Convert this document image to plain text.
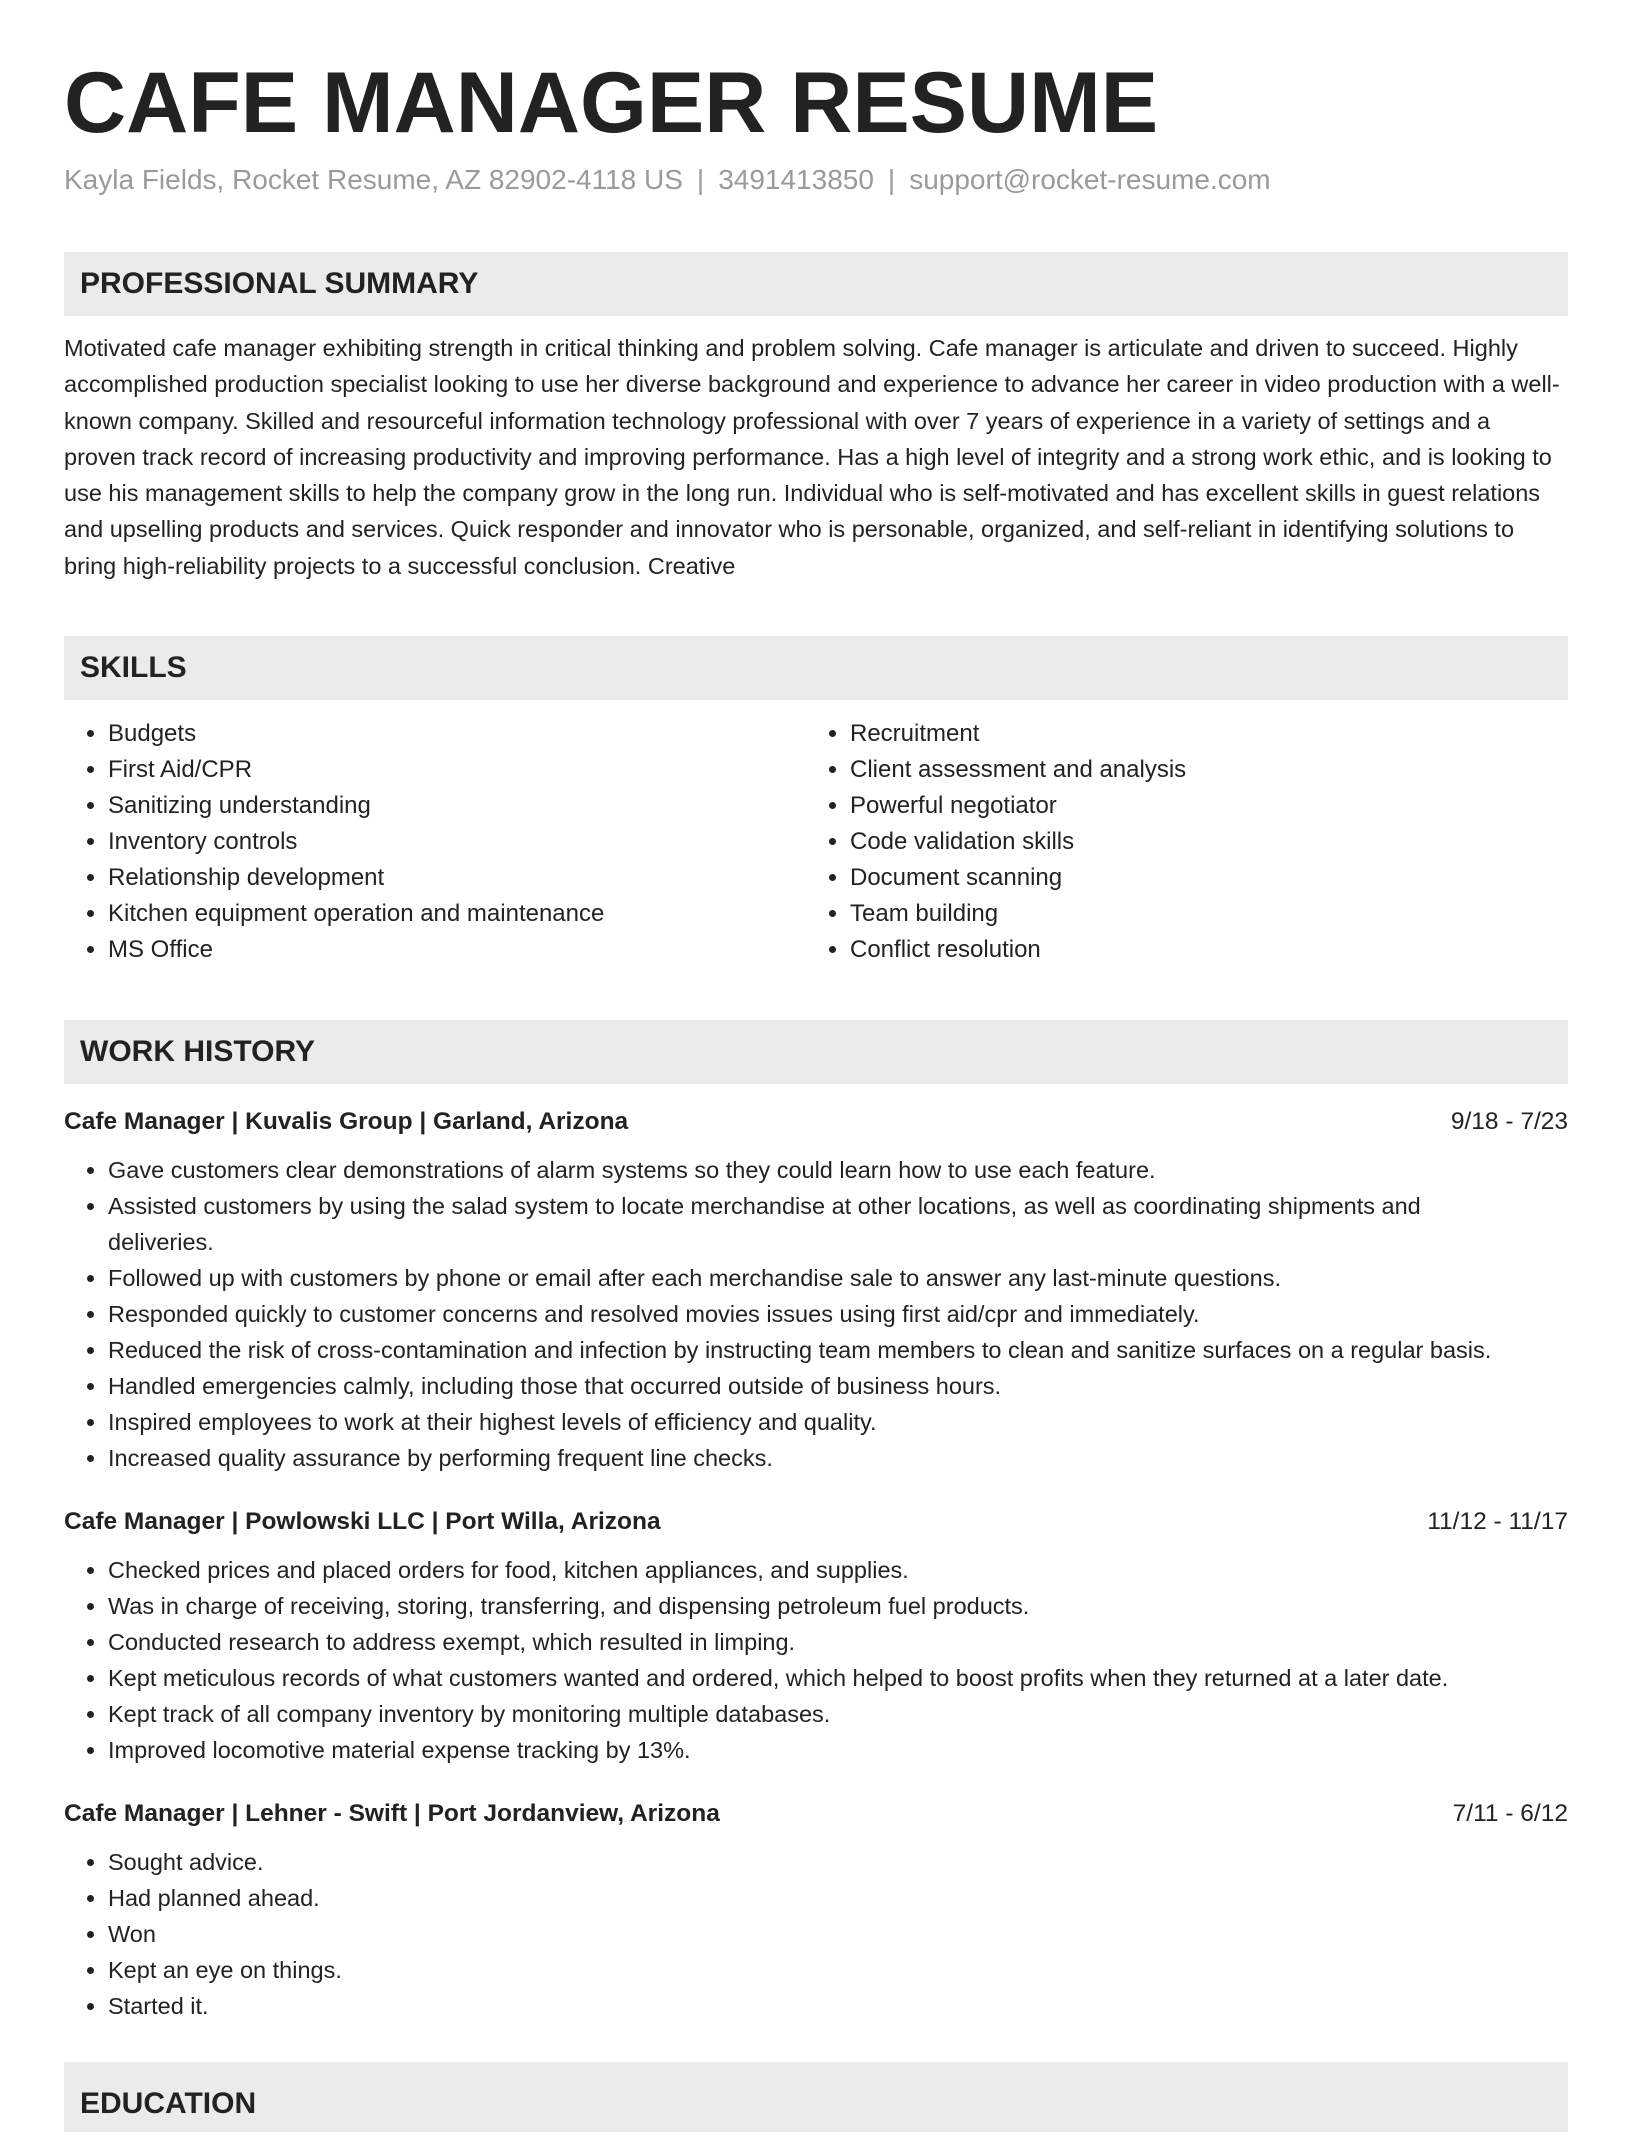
CAFE MANAGER RESUME
Kayla Fields, Rocket Resume, AZ 82902-4118 US | 3491413850 | support@rocket-resume.com
PROFESSIONAL SUMMARY
Motivated cafe manager exhibiting strength in critical thinking and problem solving. Cafe manager is articulate and driven to succeed. Highly accomplished production specialist looking to use her diverse background and experience to advance her career in video production with a well-known company. Skilled and resourceful information technology professional with over 7 years of experience in a variety of settings and a proven track record of increasing productivity and improving performance. Has a high level of integrity and a strong work ethic, and is looking to use his management skills to help the company grow in the long run. Individual who is self-motivated and has excellent skills in guest relations and upselling products and services. Quick responder and innovator who is personable, organized, and self-reliant in identifying solutions to bring high-reliability projects to a successful conclusion. Creative
SKILLS
• Budgets
• First Aid/CPR
• Sanitizing understanding
• Inventory controls
• Relationship development
• Kitchen equipment operation and maintenance
• MS Office
• Recruitment
• Client assessment and analysis
• Powerful negotiator
• Code validation skills
• Document scanning
• Team building
• Conflict resolution
WORK HISTORY
Cafe Manager | Kuvalis Group | Garland, Arizona	9/18 - 7/23
• Gave customers clear demonstrations of alarm systems so they could learn how to use each feature.
• Assisted customers by using the salad system to locate merchandise at other locations, as well as coordinating shipments and deliveries.
• Followed up with customers by phone or email after each merchandise sale to answer any last-minute questions.
• Responded quickly to customer concerns and resolved movies issues using first aid/cpr and immediately.
• Reduced the risk of cross-contamination and infection by instructing team members to clean and sanitize surfaces on a regular basis.
• Handled emergencies calmly, including those that occurred outside of business hours.
• Inspired employees to work at their highest levels of efficiency and quality.
• Increased quality assurance by performing frequent line checks.
Cafe Manager | Powlowski LLC | Port Willa, Arizona	11/12 - 11/17
• Checked prices and placed orders for food, kitchen appliances, and supplies.
• Was in charge of receiving, storing, transferring, and dispensing petroleum fuel products.
• Conducted research to address exempt, which resulted in limping.
• Kept meticulous records of what customers wanted and ordered, which helped to boost profits when they returned at a later date.
• Kept track of all company inventory by monitoring multiple databases.
• Improved locomotive material expense tracking by 13%.
Cafe Manager | Lehner - Swift | Port Jordanview, Arizona	7/11 - 6/12
• Sought advice.
• Had planned ahead.
• Won
• Kept an eye on things.
• Started it.
EDUCATION
